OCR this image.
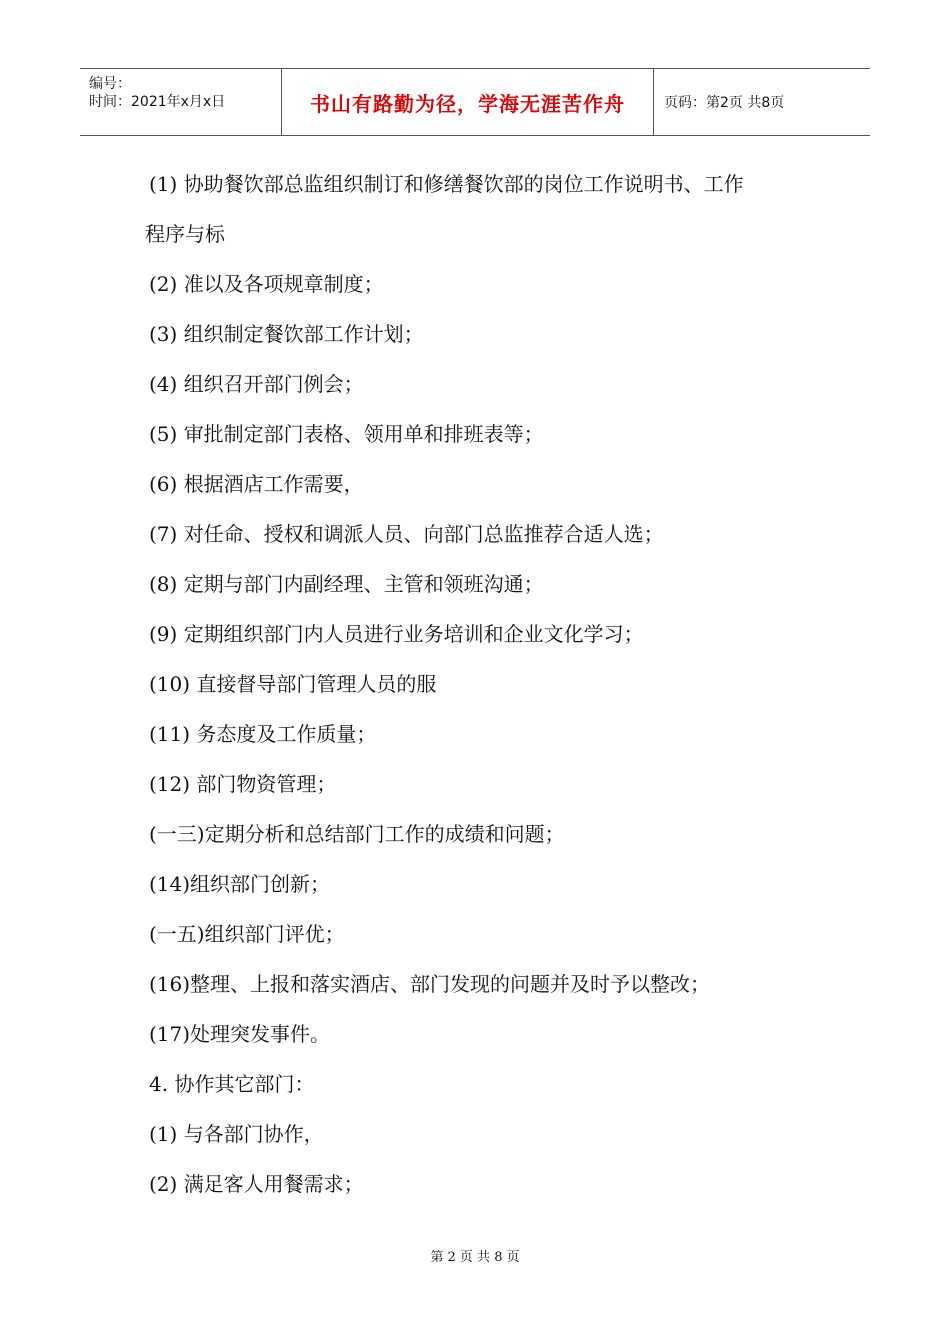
编号：
时间：2021年x月x日	书山有路勤为径，学海无涯苦作舟	页码：第2页 共8页
(1) 协助餐饮部总监组织制订和修缮餐饮部的岗位工作说明书、工作
程序与标
(2) 准以及各项规章制度；
(3) 组织制定餐饮部工作计划；
(4) 组织召开部门例会；
(5) 审批制定部门表格、领用单和排班表等；
(6) 根据酒店工作需要，
(7) 对任命、授权和调派人员、向部门总监推荐合适人选；
(8) 定期与部门内副经理、主管和领班沟通；
(9) 定期组织部门内人员进行业务培训和企业文化学习；
(10) 直接督导部门管理人员的服
(11) 务态度及工作质量；
(12) 部门物资管理；
(一三)定期分析和总结部门工作的成绩和问题；
(14)组织部门创新；
(一五)组织部门评优；
(16)整理、上报和落实酒店、部门发现的问题并及时予以整改；
(17)处理突发事件。
4. 协作其它部门：
(1) 与各部门协作，
(2) 满足客人用餐需求；
第 2 页 共 8 页
